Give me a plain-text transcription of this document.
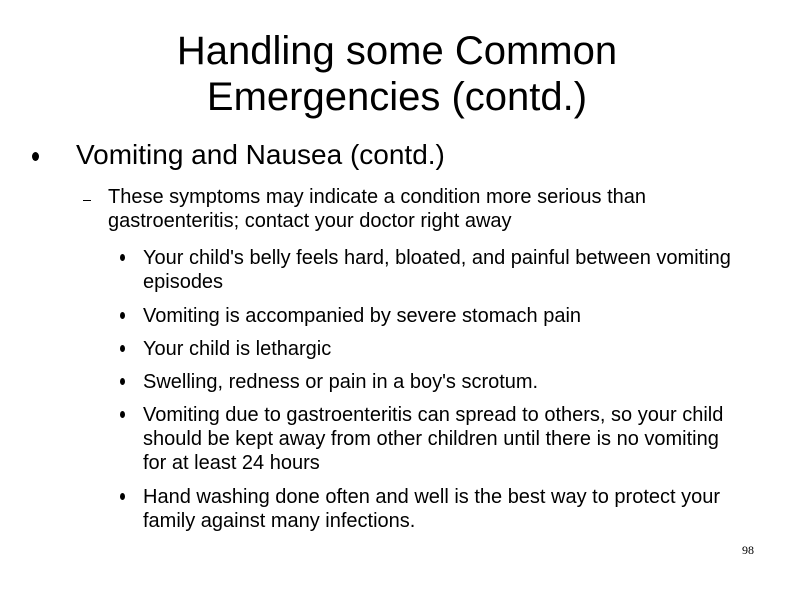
Handling some Common
Emergencies (contd.)
Vomiting and Nausea (contd.)
These symptoms may indicate a condition more serious than gastroenteritis; contact your doctor right away
Your child's belly feels hard, bloated, and painful between vomiting episodes
Vomiting is accompanied by severe stomach pain
Your child is lethargic
Swelling, redness or pain in a boy's scrotum.
Vomiting due to gastroenteritis can spread to others, so your child should be kept away from other children until there is no vomiting for at least 24 hours
Hand washing done often and well is the best way to protect your family against many infections.
98
